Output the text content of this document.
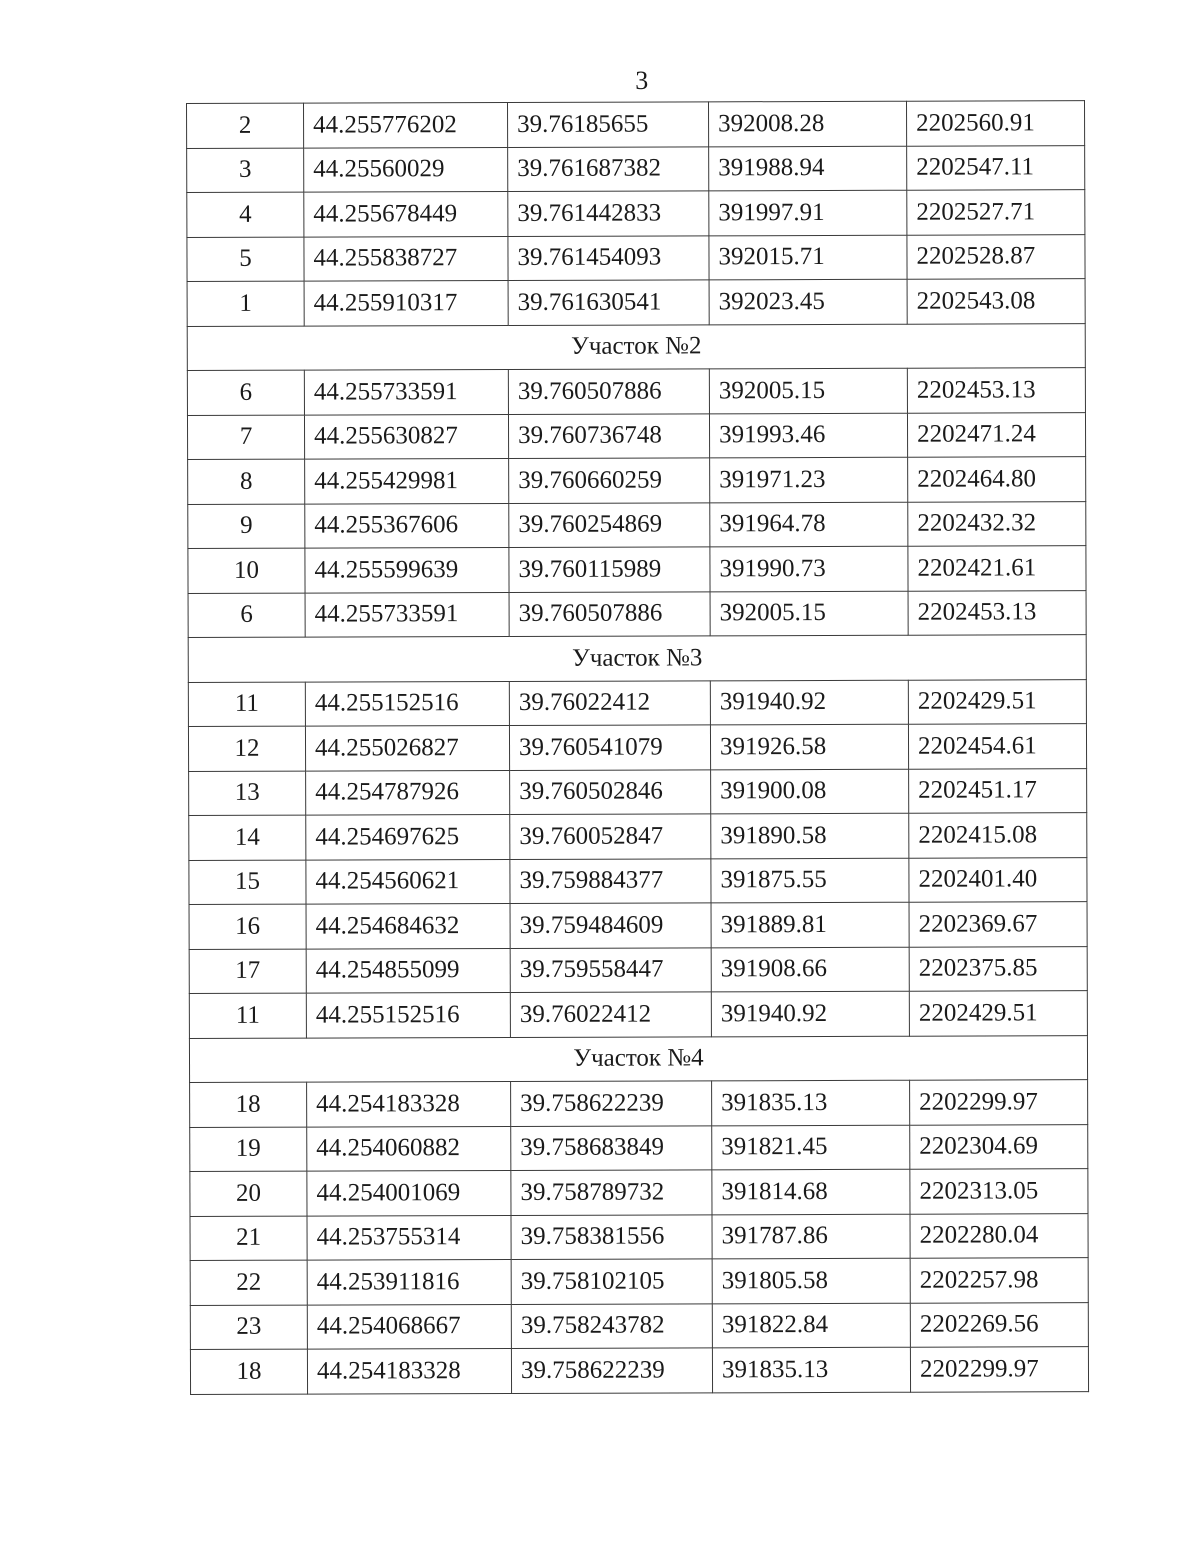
3
2	44.255776202	39.76185655	392008.28	2202560.91
3	44.25560029	39.761687382	391988.94	2202547.11
4	44.255678449	39.761442833	391997.91	2202527.71
5	44.255838727	39.761454093	392015.71	2202528.87
1	44.255910317	39.761630541	392023.45	2202543.08
Участок №2				
6	44.255733591	39.760507886	392005.15	2202453.13
7	44.255630827	39.760736748	391993.46	2202471.24
8	44.255429981	39.760660259	391971.23	2202464.80
9	44.255367606	39.760254869	391964.78	2202432.32
10	44.255599639	39.760115989	391990.73	2202421.61
6	44.255733591	39.760507886	392005.15	2202453.13
Участок №3				
11	44.255152516	39.76022412	391940.92	2202429.51
12	44.255026827	39.760541079	391926.58	2202454.61
13	44.254787926	39.760502846	391900.08	2202451.17
14	44.254697625	39.760052847	391890.58	2202415.08
15	44.254560621	39.759884377	391875.55	2202401.40
16	44.254684632	39.759484609	391889.81	2202369.67
17	44.254855099	39.759558447	391908.66	2202375.85
11	44.255152516	39.76022412	391940.92	2202429.51
Участок №4				
18	44.254183328	39.758622239	391835.13	2202299.97
19	44.254060882	39.758683849	391821.45	2202304.69
20	44.254001069	39.758789732	391814.68	2202313.05
21	44.253755314	39.758381556	391787.86	2202280.04
22	44.253911816	39.758102105	391805.58	2202257.98
23	44.254068667	39.758243782	391822.84	2202269.56
18	44.254183328	39.758622239	391835.13	2202299.97
